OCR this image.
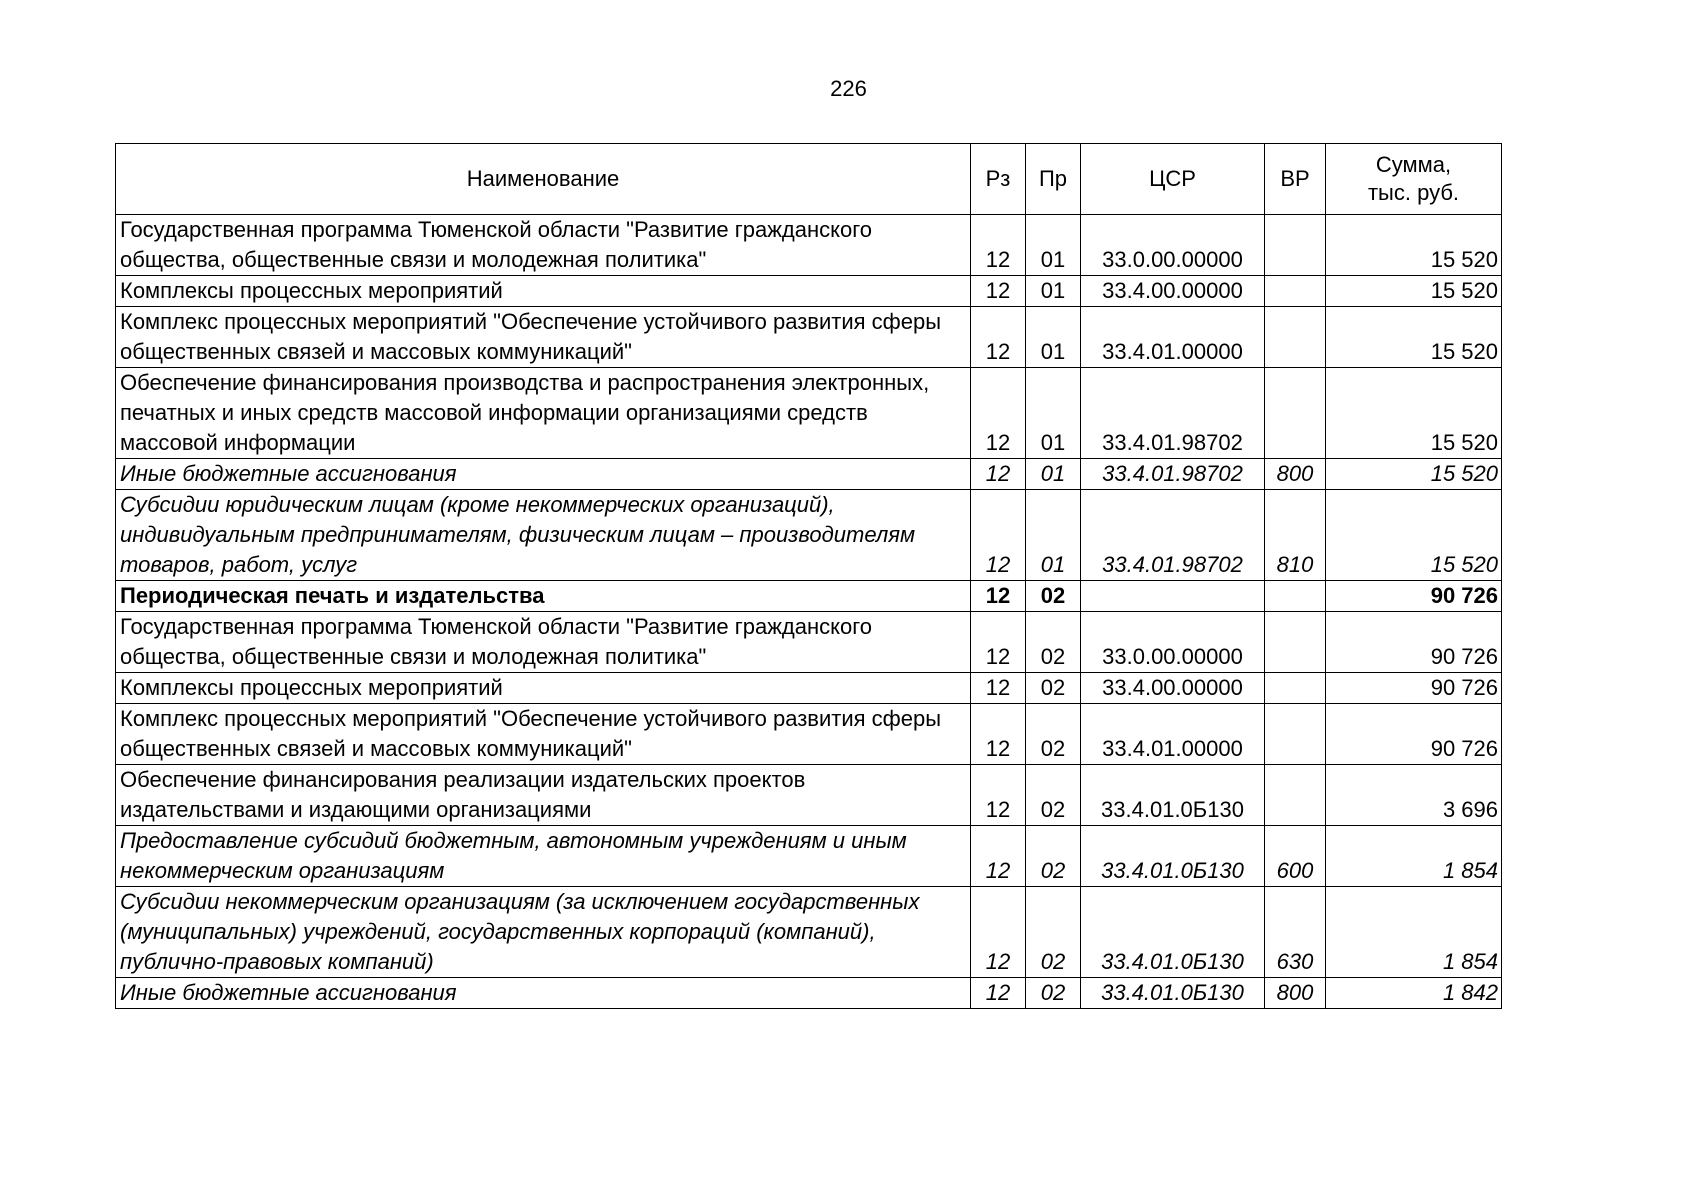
226
Наименование	Рз	Пр	ЦСР	ВР	Сумма,
тыс. руб.
Государственная программа Тюменской области "Развитие гражданского общества, общественные связи и молодежная политика"	12	01	33.0.00.00000		15 520
Комплексы процессных мероприятий	12	01	33.4.00.00000		15 520
Комплекс процессных мероприятий "Обеспечение устойчивого развития сферы общественных связей и массовых коммуникаций"	12	01	33.4.01.00000		15 520
Обеспечение финансирования производства и распространения электронных, печатных и иных средств массовой информации организациями средств массовой информации	12	01	33.4.01.98702		15 520
Иные бюджетные ассигнования	12	01	33.4.01.98702	800	15 520
Субсидии юридическим лицам (кроме некоммерческих организаций), индивидуальным предпринимателям, физическим лицам – производителям товаров, работ, услуг	12	01	33.4.01.98702	810	15 520
Периодическая печать и издательства	12	02			90 726
Государственная программа Тюменской области "Развитие гражданского общества, общественные связи и молодежная политика"	12	02	33.0.00.00000		90 726
Комплексы процессных мероприятий	12	02	33.4.00.00000		90 726
Комплекс процессных мероприятий "Обеспечение устойчивого развития сферы общественных связей и массовых коммуникаций"	12	02	33.4.01.00000		90 726
Обеспечение финансирования реализации издательских проектов издательствами и издающими организациями	12	02	33.4.01.0Б130		3 696
Предоставление субсидий бюджетным, автономным учреждениям и иным некоммерческим организациям	12	02	33.4.01.0Б130	600	1 854
Субсидии некоммерческим организациям (за исключением государственных (муниципальных) учреждений, государственных корпораций (компаний), публично-правовых компаний)	12	02	33.4.01.0Б130	630	1 854
Иные бюджетные ассигнования	12	02	33.4.01.0Б130	800	1 842
